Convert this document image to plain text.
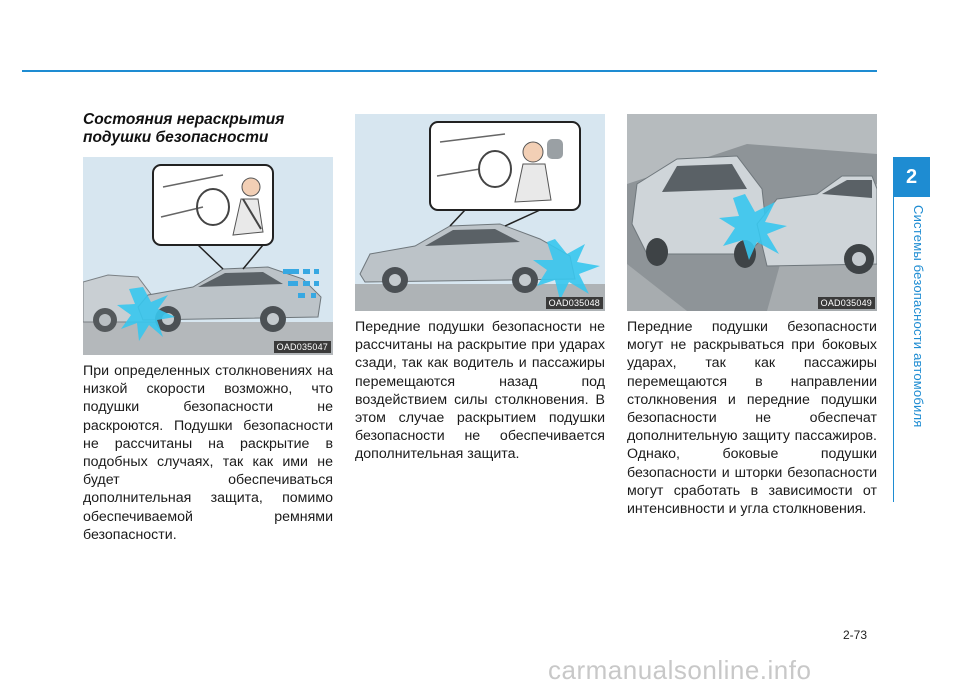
2
Системы безопасности автомобиля
Состояния нераскрытия подушки безопасности
OAD035047
OAD035048	OAD035049

При определенных столкновениях на низкой скорости возможно, что подушки безопасности не раскроются. Подушки безопасности не рассчитаны на раскрытие в подобных случаях, так как ими не будет обеспечиваться дополнительная защита, помимо обеспечиваемой ремнями безопасности.

Передние подушки безопасности не рассчитаны на раскрытие при ударах сзади, так как водитель и пассажиры перемещаются назад под воздействием силы столкновения. В этом случае раскрытием подушки безопасности не обеспечивается дополнительная защита.

Передние подушки безопасности могут не раскрываться при боковых ударах, так как пассажиры перемещаются в направлении столкновения и передние подушки безопасности не обеспечат дополнительную защиту пассажиров. Однако, боковые подушки безопасности и шторки безопасности могут сработать в зависимости от интенсивности и угла столкновения.

2-73
carmanualsonline.info
